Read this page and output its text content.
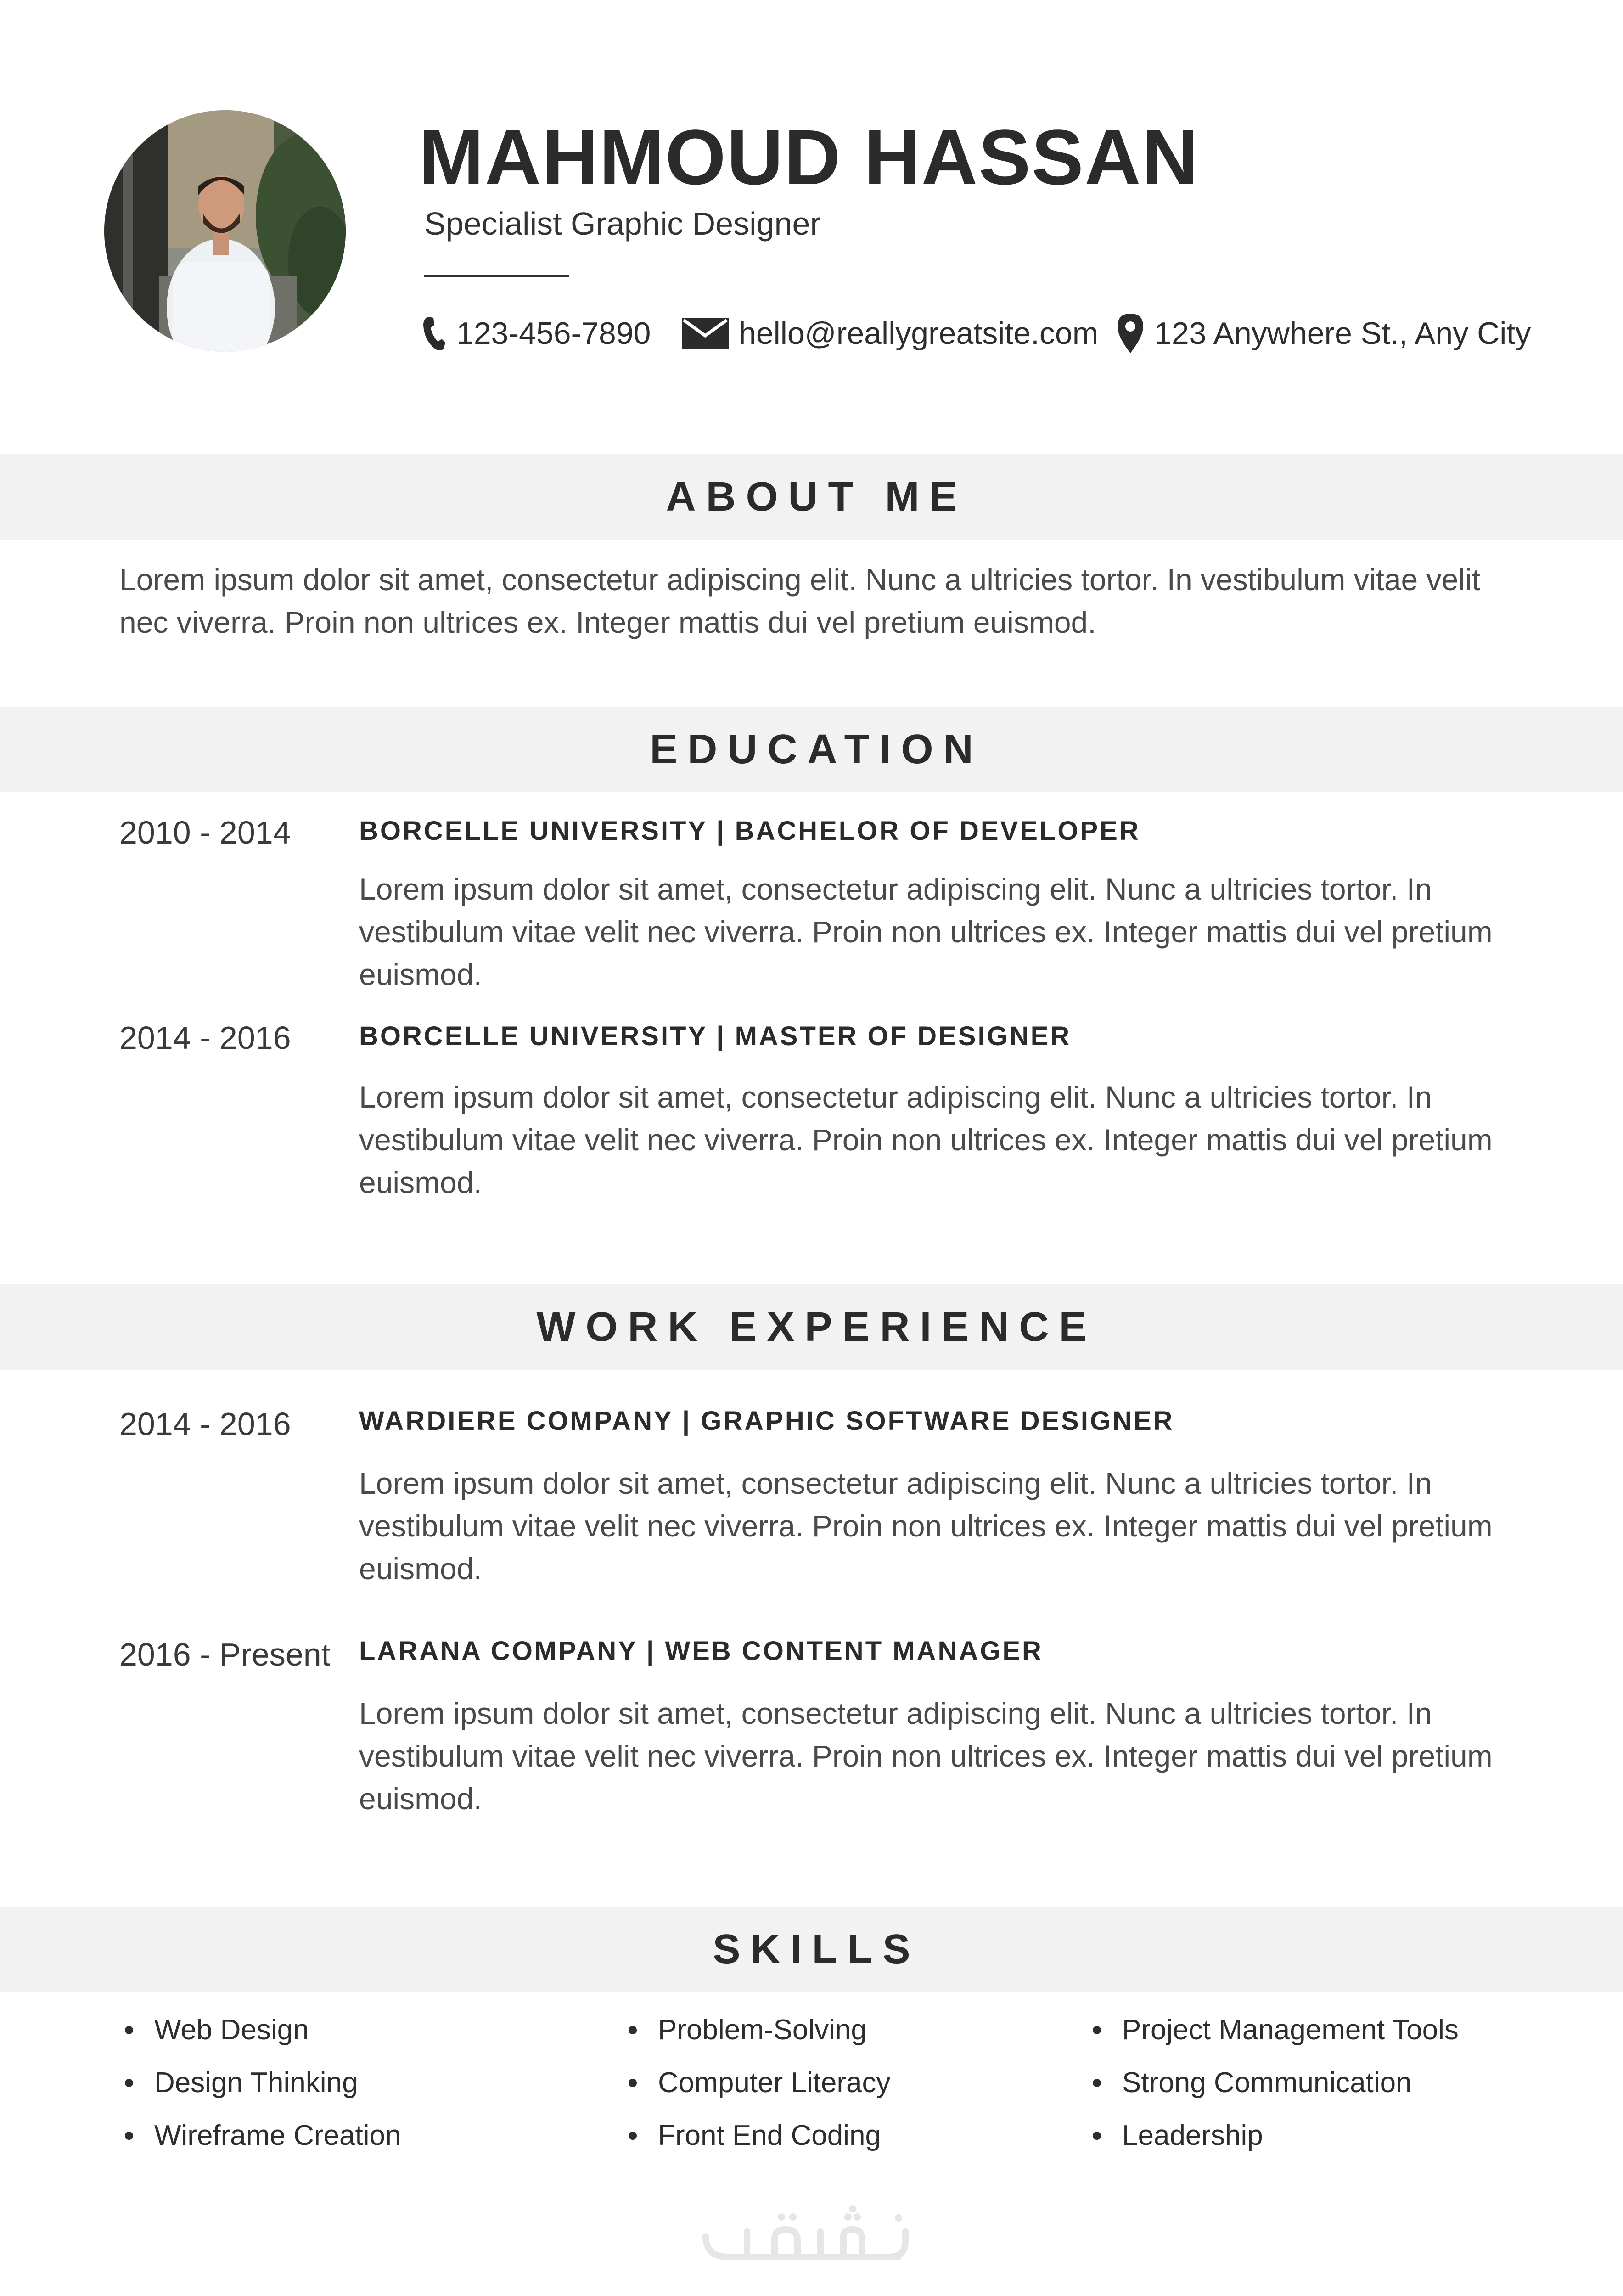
MAHMOUD HASSAN
Specialist Graphic Designer
123-456-7890	hello@reallygreatsite.com 123 Anywhere St., Any City
ABOUT ME
Lorem ipsum dolor sit amet, consectetur adipiscing elit. Nunc a ultricies tortor. In vestibulum vitae velit nec viverra. Proin non ultrices ex. Integer mattis dui vel pretium euismod.
EDUCATION
2010 - 2014	BORCELLE UNIVERSITY | BACHELOR OF DEVELOPER
Lorem ipsum dolor sit amet, consectetur adipiscing elit. Nunc a ultricies tortor. In vestibulum vitae velit nec viverra. Proin non ultrices ex. Integer mattis dui vel pretium euismod.
2014 - 2016	BORCELLE UNIVERSITY | MASTER OF DESIGNER
Lorem ipsum dolor sit amet, consectetur adipiscing elit. Nunc a ultricies tortor. In vestibulum vitae velit nec viverra. Proin non ultrices ex. Integer mattis dui vel pretium euismod.
WORK EXPERIENCE
2014 - 2016	WARDIERE COMPANY | GRAPHIC SOFTWARE DESIGNER
Lorem ipsum dolor sit amet, consectetur adipiscing elit. Nunc a ultricies tortor. In vestibulum vitae velit nec viverra. Proin non ultrices ex. Integer mattis dui vel pretium euismod.
2016 - Present LARANA COMPANY | WEB CONTENT MANAGER
Lorem ipsum dolor sit amet, consectetur adipiscing elit. Nunc a ultricies tortor. In vestibulum vitae velit nec viverra. Proin non ultrices ex. Integer mattis dui vel pretium euismod.
SKILLS
Web Design
Design Thinking
Wireframe Creation
Problem-Solving
Computer Literacy
Front End Coding
Project Management Tools
Strong Communication
Leadership
